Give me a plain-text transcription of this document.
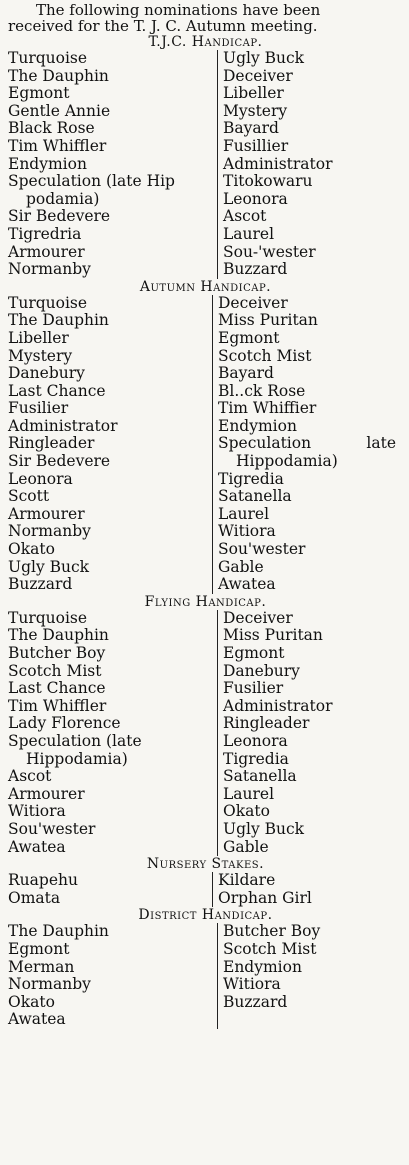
The following nominations have been
received for the T. J. C. Autumn meeting.

T.J.C. Handicap.
Turquoise
The Dauphin
Egmont
Gentle Annie
Black Rose
Tim Whiffler
Endymion
Speculation (late Hip
podamia)
Sir Bedevere
Tigredria
Armourer
Normanby
Ugly Buck
Deceiver
Libeller
Mystery
Bayard
Fusillier
Administrator
Titokowaru
Leonora
Ascot
Laurel
Sou-'wester
Buzzard
Autumn Handicap.
Turquoise
The Dauphin
Libeller
Mystery
Danebury
Last Chance
Fusilier
Administrator
Ringleader
Sir Bedevere
Leonora
Scott
Armourer
Normanby
Okato
Ugly Buck
Buzzard
Deceiver
Miss Puritan
Egmont
Scotch Mist
Bayard
Bl..ck Rose
Tim Whiffier
Endymion
Speculation	late
Hippodamia)
Tigredia
Satanella
Laurel
Witiora
Sou'wester
Gable
Awatea
Flying Handicap.
Turquoise
The Dauphin
Butcher Boy
Scotch Mist
Last Chance
Tim Whiffler
Lady Florence
Speculation (late
Hippodamia)
Ascot
Armourer
Witiora
Sou'wester
Awatea
Deceiver
Miss Puritan
Egmont
Danebury
Fusilier
Administrator
Ringleader
Leonora
Tigredia
Satanella
Laurel
Okato
Ugly Buck
Gable
Nursery Stakes.
Ruapehu
Omata
Kildare
Orphan Girl
District Handicap.
The Dauphin
Egmont
Merman
Normanby
Okato
Awatea
Butcher Boy
Scotch Mist
Endymion
Witiora
Buzzard
